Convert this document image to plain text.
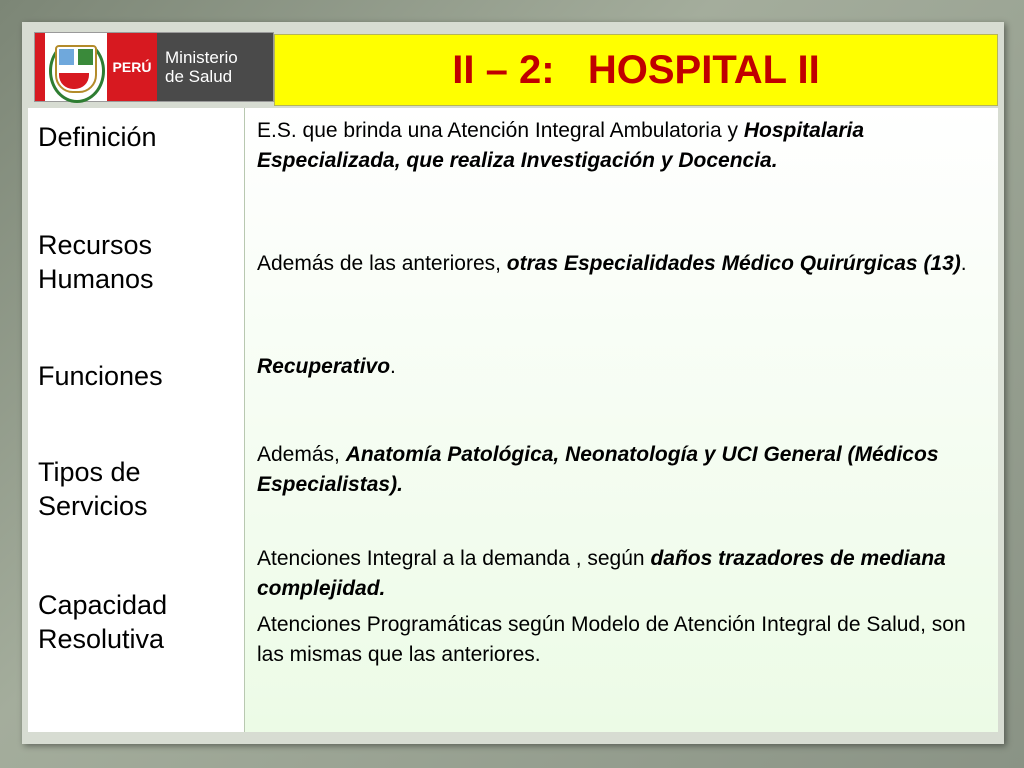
PERÚ Ministerio
de Salud	II – 2:   HOSPITAL II
Definición
Recursos Humanos
Funciones
Tipos de Servicios
Capacidad Resolutiva
E.S. que brinda una Atención Integral Ambulatoria y Hospitalaria Especializada, que realiza Investigación y Docencia.
Además de las anteriores, otras Especialidades Médico Quirúrgicas (13).
Recuperativo.
Además, Anatomía Patológica, Neonatología y UCI General (Médicos Especialistas).
Atenciones Integral a la demanda , según daños trazadores de mediana complejidad.
Atenciones Programáticas según Modelo de Atención Integral de Salud, son las mismas que las anteriores.
